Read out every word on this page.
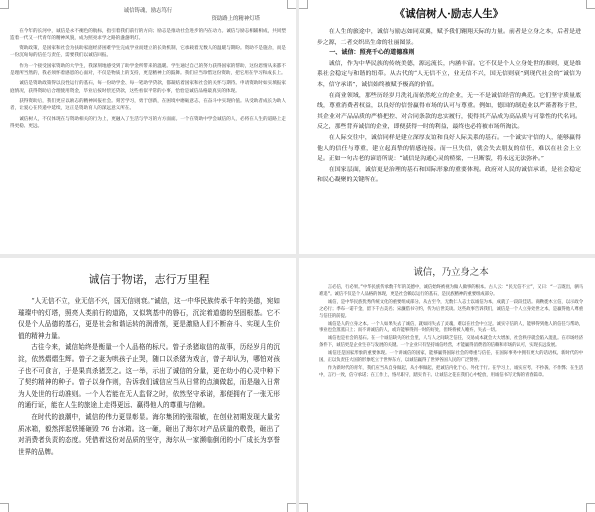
诚信铸魂，励志笃行
资助路上的精神灯塔

在今年的长河中，诚信是永不褪色的航标，指引着我们前行的方向；励志是推动社会进步的内在动力。诚信与励志相辅相成，共同塑造着一代又一代青年的精神风貌，成为照亮求学之路的盏盏明灯。

资助政策，是国家和社会为扶助家庭经济困难学生完成学业而建立的长效机制，它承载着无数人的温暖与期盼。资助不是施舍，而是一份沉甸甸的信任与责任，需要我们以诚信回报。

作为一个接受国家资助的大学生，我深刻地感受到了助学金所带来的温暖。学生通过自己的努力获得国家的帮助，这份恩情从来都不是理所当然的，我必须怀着感恩的心面对，不仅是物质上的支持，更是精神上的鼓舞。我们应当珍惜这份资助，把它用在学习和成长上。

诚信是资助政策得以良性运行的基石，每一份助学金、每一笔助学贷款，都凝结着国家和社会的关怀与期待。申请资助时如实填报家庭情况，获得资助后合理使用资金，毕业后按时偿还贷款，这些看似平常的小事，恰恰是诚信品格最真实的体现。

获得资助后，我们更应以励志的精神回报社会。刻苦学习，勇于创新，在困境中磨砺意志，在奋斗中实现价值。从受助者成长为助人者，让爱心在传递中延续，这正是资助育人的深远意义所在。

诚信树人，不仅体现在与资助相关的行为上，更融入了生活与学习的方方面面。一个在资助中学会诚信的人，必将在人生的道路上走得更稳、更远。

《诚信树人·励志人生》

在人生的旅途中，诚信与励志如同双翼，赋予我们翱翔天际的力量。前者是立身之本，后者是进步之源，二者交织出生命的壮丽图景。

一、诚信：照亮千心的道德准则

诚信，作为中华民族的传统美德，源远流长，内涵丰富。它不仅是个人立身处世的准则，更是维系社会稳定与和谐的纽带。从古代的“人无信不立，业无信不兴，国无信则衰”到现代社会的“诚信为本，信守承诺”，诚信始终被赋予极高的价值。

在商业领域，那些历经岁月洗礼而依然屹立的企业，无一不是诚信经营的典范。它们坚守质量底线，尊重消费者权益，以良好的信誉赢得市场的认可与尊重。例如，德国的制造业以严谨著称于世，其企业对产品品质的严格把控、对合同条款的忠实履行，使得其产品成为高品质与可靠性的代名词。反之，那些背弃诚信的企业，即便获得一时的利益，最终也必将被市场所淘汰。

在人际交往中，诚信同样是建立深厚友谊和良好人际关系的基石。一个诚实守信的人，能够赢得他人的信任与尊重，建立起真挚的情感连接。而一旦失信，就会失去朋友的信任，难以在社会上立足。正如一句古老的谚语所说：“诚信是沟通心灵的桥梁，一旦断裂，将永远无法弥补。”

在国家层面，诚信更是治理的基石和国际形象的重要体现。政府对人民的诚信承诺，是社会稳定和民心凝聚的关键所在。

诚信于物诺，志行万里程

“人无信不立，业无信不兴，国无信则衰。”诚信，这一中华民族传承千年的美德，宛如璀璨中的灯塔，照亮人类前行的道路，又似筑基中的磐石，沉淀着道德的坚固根基。它不仅是个人品德的基石，更是社会和谐运转的润滑剂，更是激励人们不断奋斗、实现人生价值的精神力量。

古往今来，诚信始终是衡量一个人品格的标尺。曾子杀猪取信的故事，历经岁月的沉淀，依然熠熠生辉。曾子之妻为哄孩子止哭，随口以杀猪为戏言，曾子却认为，哪怕对孩子也不可食言，于是果真杀猪烹之。这一举，示出了诚信的分量，更在幼小的心灵中种下了契约精神的种子。曾子以身作则，告诉我们诚信应当从日常的点滴做起，而是融入日常为人处世的行动准则。一个人若能在无人监督之时，依然坚守承诺，那便拥有了一张无形的通行证，能在人生的旅途上走得更远、赢得他人的尊重与信赖。

在时代的浪潮中，诚信的伟力更显彰显。海尔集团的张瑞敏，在创业初期发现大量劣质冰箱，毅然挥起铁锤砸毁 76 台冰箱。这一砸，砸出了海尔对产品质量的敬畏，砸出了对消费者负责的态度。凭借着这份对品质的坚守，海尔从一家濒临倒闭的小厂成长为享誉世界的品牌。

诚信，乃立身之本

言必信，行必果。”中华民族传承数千年的美德中，诚信始终被视为做人做事的根本。古人云：“民无信不立”，又曰：“一言既出，驷马难追”。诚信不仅是个人品格的体现，更是社会赖以运行的基石，是民族精神的重要组成部分。

诚信，是中华民族优秀传统文化的重要组成部分。从古至今，无数仁人志士以诚信为本，成就了一段段佳话。商鞅徙木立信，以示政令之必行；季布一诺千金，留下千古美名；宋濂借书守约，传为后世美谈。这些故事告诉我们，诚信是一个人立身处世之本，是赢得他人尊重与信任的前提。

诚信是人的立身之本。一个人如果失去了诚信，就如同失去了灵魂，难以在社会中立足。诚实守信的人，能够得到他人的信任与帮助，事业也会蒸蒸日上；而不讲诚信的人，或许能够得到一时的好处，但终将被人唾弃，失去一切。

诚信也是社会的基石。在一个诚信缺失的社会里，人与人之间缺乏信任，交易成本就会大大增加，社会秩序就会陷入混乱。在市场经济条件下，诚信更是企业生存与发展的关键。一个企业只有坚持诚信经营，才能赢得消费者的信赖和市场的认可，实现长远发展。

诚信还是国家形象的重要体现。一个讲诚信的国家，能够赢得国际社会的尊重与信任，在国际事务中拥有更大的话语权。新时代的中国，正以负责任大国的形象屹立于世界东方，以诚信赢得了世界各国人民的广泛赞誉。

作为新时代的青年，我们应当从自身做起，从小事做起，把诚信内化于心、外化于行。在学习上，诚实应考，不抄袭、不作弊；在生活中，言行一致，信守承诺；在工作上，恪尽职守，踏实肯干。让诚信之花在我们心中绽放，用诚信书写无悔的青春篇章。
